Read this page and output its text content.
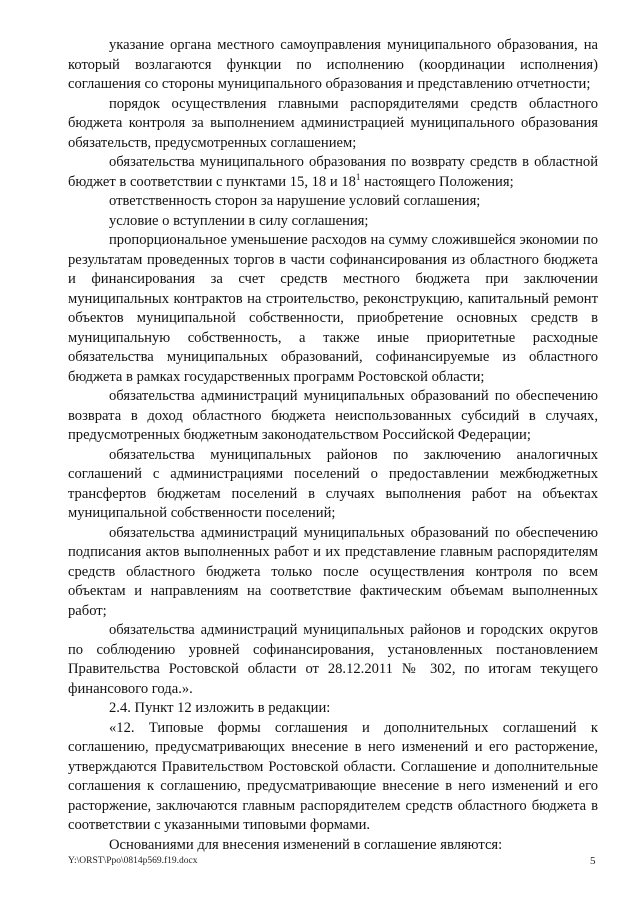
указание органа местного самоуправления муниципального образования, на который возлагаются функции по исполнению (координации исполнения) соглашения со стороны муниципального образования и представлению отчетности;

порядок осуществления главными распорядителями средств областного бюджета контроля за выполнением администрацией муниципального образования обязательств, предусмотренных соглашением;

обязательства муниципального образования по возврату средств в областной бюджет в соответствии с пунктами 15, 18 и $18^1$ настоящего Положения;

ответственность сторон за нарушение условий соглашения;

условие о вступлении в силу соглашения;

пропорциональное уменьшение расходов на сумму сложившейся экономии по результатам проведенных торгов в части софинансирования из областного бюджета и финансирования за счет средств местного бюджета при заключении муниципальных контрактов на строительство, реконструкцию, капитальный ремонт объектов муниципальной собственности, приобретение основных средств в муниципальную собственность, а также иные приоритетные расходные обязательства муниципальных образований, софинансируемые из областного бюджета в рамках государственных программ Ростовской области;

обязательства администраций муниципальных образований по обеспечению возврата в доход областного бюджета неиспользованных субсидий в случаях, предусмотренных бюджетным законодательством Российской Федерации;

обязательства муниципальных районов по заключению аналогичных соглашений с администрациями поселений о предоставлении межбюджетных трансфертов бюджетам поселений в случаях выполнения работ на объектах муниципальной собственности поселений;

обязательства администраций муниципальных образований по обеспечению подписания актов выполненных работ и их представление главным распорядителям средств областного бюджета только после осуществления контроля по всем объектам и направлениям на соответствие фактическим объемам выполненных работ;

обязательства администраций муниципальных районов и городских округов по соблюдению уровней софинансирования, установленных постановлением Правительства Ростовской области от 28.12.2011 № 302, по итогам текущего финансового года.».

2.4. Пункт 12 изложить в редакции:

«12. Типовые формы соглашения и дополнительных соглашений к соглашению, предусматривающих внесение в него изменений и его расторжение, утверждаются Правительством Ростовской области. Соглашение и дополнительные соглашения к соглашению, предусматривающие внесение в него изменений и его расторжение, заключаются главным распорядителем средств областного бюджета в соответствии с указанными типовыми формами.

Основаниями для внесения изменений в соглашение являются:

Y:\ORST\Ppo\0814p569.f19.docx	5
